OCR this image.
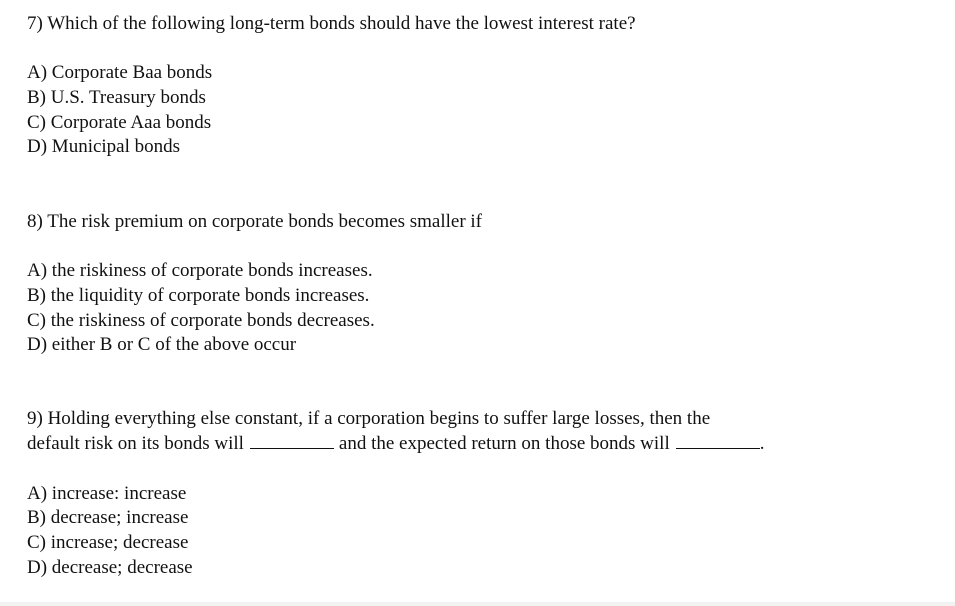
7) Which of the following long-term bonds should have the lowest interest rate?
A) Corporate Baa bonds
B) U.S. Treasury bonds
C) Corporate Aaa bonds
D) Municipal bonds
8) The risk premium on corporate bonds becomes smaller if
A) the riskiness of corporate bonds increases.
B) the liquidity of corporate bonds increases.
C) the riskiness of corporate bonds decreases.
D) either B or C of the above occur
9) Holding everything else constant, if a corporation begins to suffer large losses, then the
default risk on its bonds will	and the expected return on those bonds will	.
A) increase: increase
B) decrease; increase
C) increase; decrease
D) decrease; decrease
